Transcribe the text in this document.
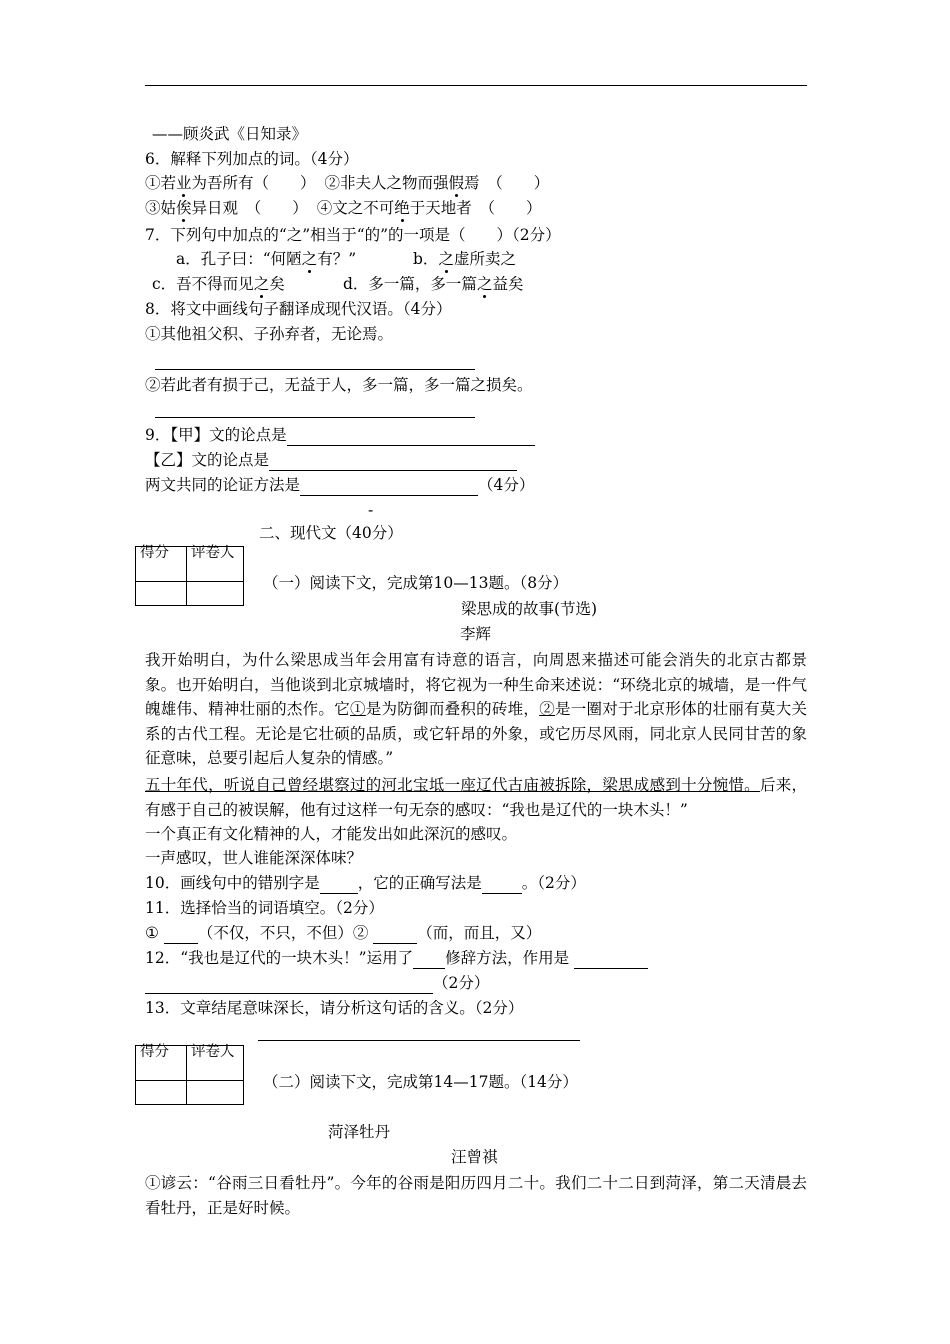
——顾炎武《日知录》
6．解释下列加点的词。（4分）
①若业为吾所有（　　） ②非夫人之物而强假焉　（　　）
③姑俟异日观　（　　） ④文之不可绝于天地者　（　　）
7．下列句中加点的“之”相当于“的”的一项是（　　）（2分）
a．孔子曰：“何陋之有？”	b．之虚所卖之
c．吾不得而见之矣	d．多一篇，多一篇之益矣
8．将文中画线句子翻译成现代汉语。（4分）
①其他祖父积、子孙弃者，无论焉。
②若此者有损于己，无益于人，多一篇，多一篇之损矣。
9．【甲】文的论点是
【乙】文的论点是
两文共同的论证方法是	（4分）
-
二、现代文（40分）
得分	评卷人

（一）阅读下文，完成第10—13题。（8分）
梁思成的故事(节选)
李辉
我开始明白，为什么梁思成当年会用富有诗意的语言，向周恩来描述可能会消失的北京古都景象。也开始明白，当他谈到北京城墙时，将它视为一种生命来述说：“环绕北京的城墙，是一件气魄雄伟、精神壮丽的杰作。它①是为防御而叠积的砖堆，②是一圈对于北京形体的壮丽有莫大关系的古代工程。无论是它壮硕的品质，或它轩昂的外象，或它历尽风雨，同北京人民同甘苦的象征意味，总要引起后人复杂的情感。”
五十年代，听说自己曾经堪察过的河北宝坻一座辽代古庙被拆除，梁思成感到十分惋惜。后来，有感于自己的被误解，他有过这样一句无奈的感叹：“我也是辽代的一块木头！”
一个真正有文化精神的人，才能发出如此深沉的感叹。
一声感叹，世人谁能深深体味？
10．画线句中的错别字是 ，它的正确写法是	。（2分）
11．选择恰当的词语填空。（2分）
①	（不仅，不只，不但）②	（而，而且，又）
12．“我也是辽代的一块木头！”运用了 修辞方法，作用是
（2分）
13．文章结尾意味深长，请分析这句话的含义。（2分）
得分	评卷人

（二）阅读下文，完成第14—17题。（14分）
菏泽牡丹
汪曾祺
①谚云：“谷雨三日看牡丹”。今年的谷雨是阳历四月二十。我们二十二日到菏泽，第二天清晨去看牡丹，正是好时候。
